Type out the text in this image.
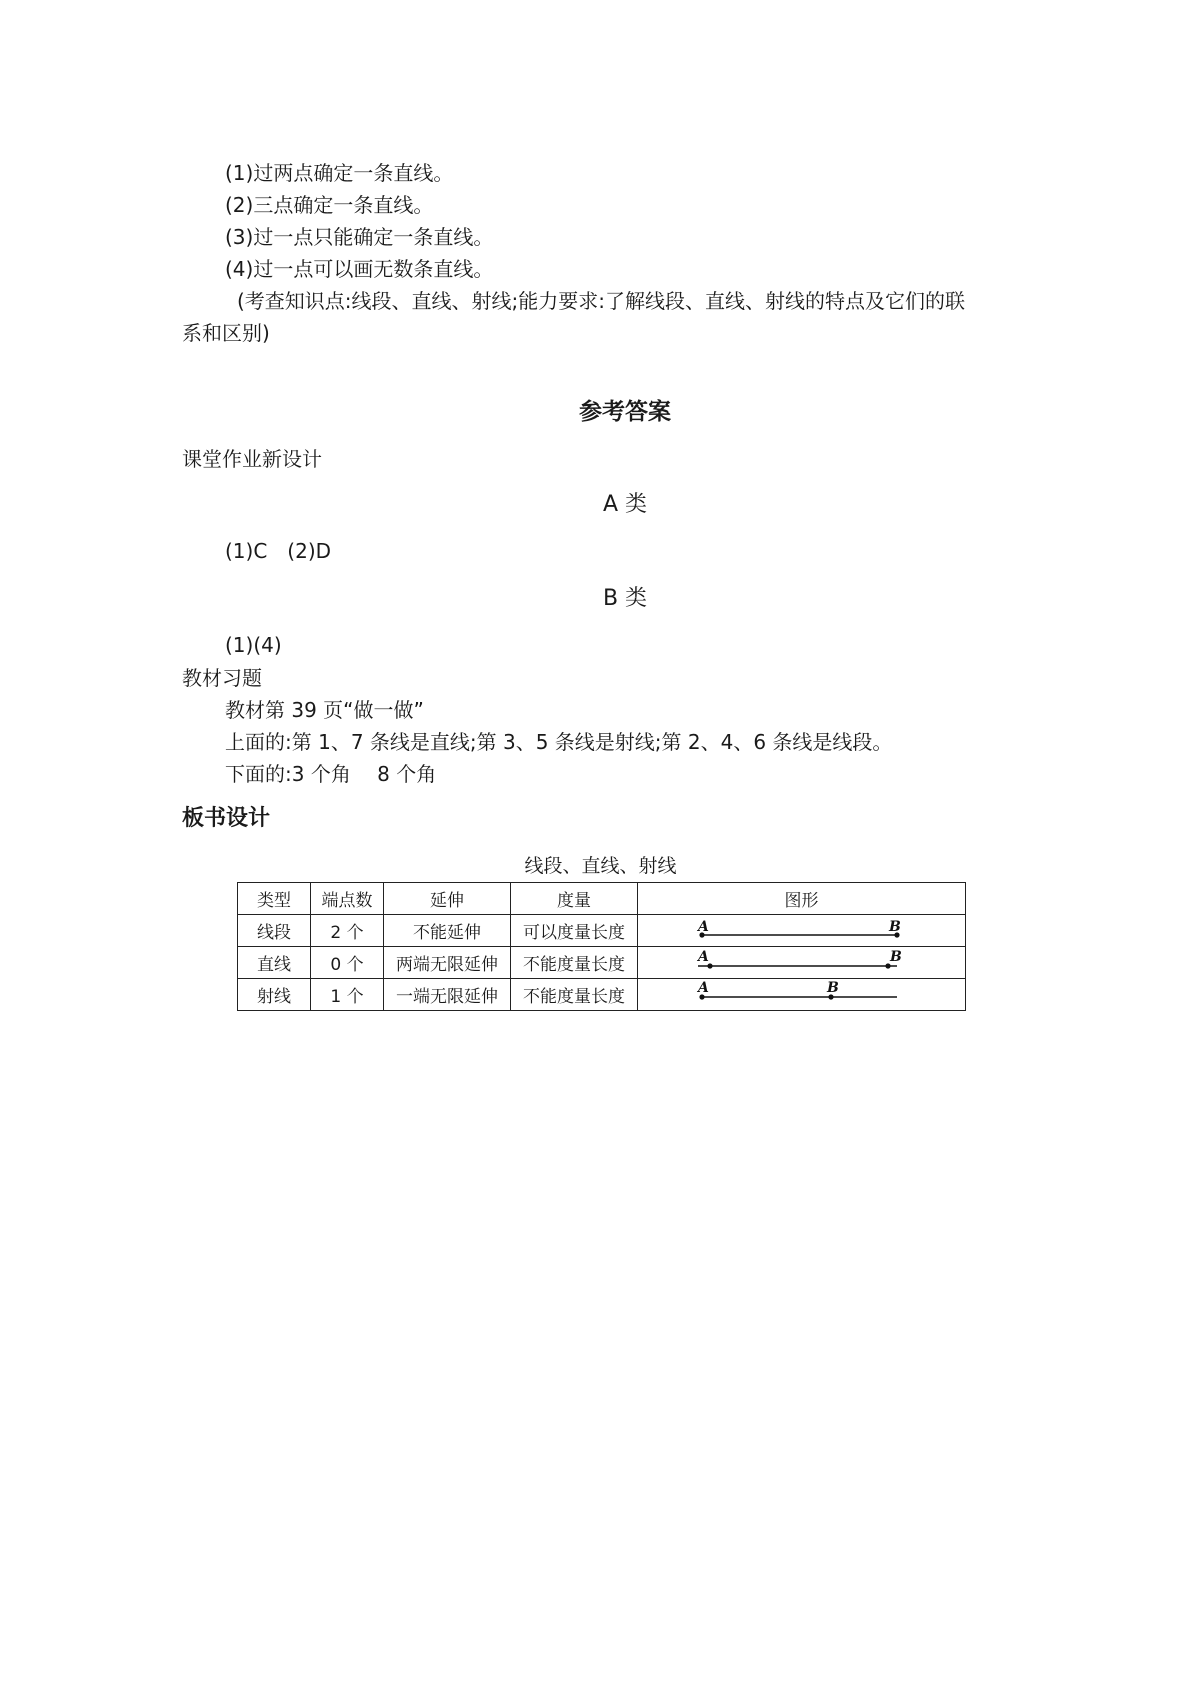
(1)过两点确定一条直线。
(2)三点确定一条直线。
(3)过一点只能确定一条直线。
(4)过一点可以画无数条直线。
(考查知识点:线段、直线、射线;能力要求:了解线段、直线、射线的特点及它们的联
系和区别)
参考答案
课堂作业新设计
A 类
(1)C　(2)D
B 类
(1)(4)
教材习题
教材第 39 页“做一做”
上面的:第 1、7 条线是直线;第 3、5 条线是射线;第 2、4、6 条线是线段。
下面的:3 个角　 8 个角
板书设计
线段、直线、射线
类型	端点数	延伸	度量	图形
线段	2 个	不能延伸	可以度量长度	A B

直线	0 个	两端无限延伸	不能度量长度	A B

射线	1 个	一端无限延伸	不能度量长度	A B
